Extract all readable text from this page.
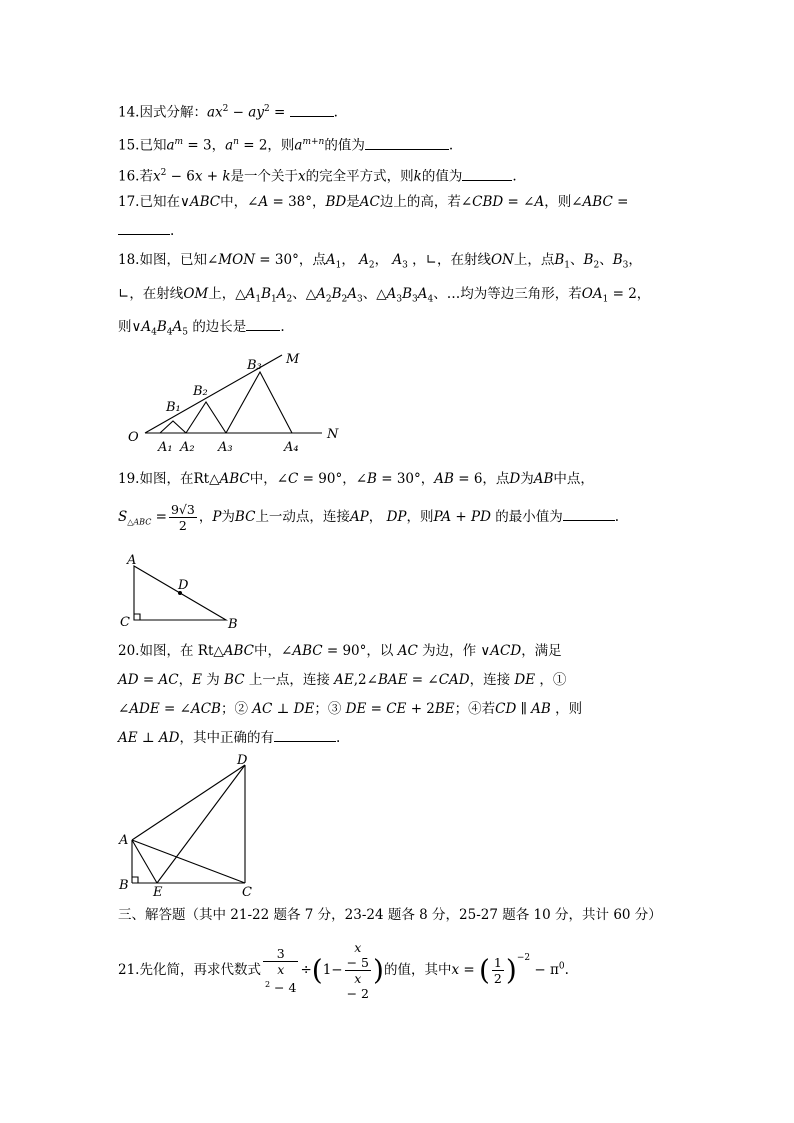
14.因式分解：$ax^2 - ay^2$ =	.
15.已知$a^m = 3$，$a^n = 2$，则$a^{m+n}$的值为	.
16.若$x^2 - 6x + k$是一个关于x的完全平方式，则k的值为	.
17.已知在∨ABC中，∠A = 38°，BD是AC边上的高，若∠CBD = ∠A，则∠ABC =
.
18.如图，已知∠MON = 30°，点$A_1$， $A_2$， $A_3$ ，∟，在射线ON上，点$B_1$、$B_2$、$B_3$，
∟，在射线OM上，$\triangle A_1B_1A_2$、$\triangle A_2B_2A_3$、$\triangle A_3B_3A_4$、…均为等边三角形，若$OA_1 = 2$，
则$\vee A_4B_4A_5$ 的边长是	.
O	N
M
A₁ A₂ A₃	A₄
B₁
B₂
B₃
19.如图，在Rt△ABC中，∠C = 90°，∠B = 30°，AB = 6，点D为AB中点，
$S_{\triangle ABC} = \frac{9√3}{2}$ ，P为BC上一动点，连接AP， DP，则PA + PD 的最小值为	.
A
C	B
D
20.如图，在 Rt△ABC中，∠ABC = 90°，以 AC 为边，作 ∨ACD，满足
AD = AC，E 为 BC 上一点，连接 AE,2∠BAE = ∠CAD，连接 DE ，①
∠ADE = ∠ACB；② AC ⊥ DE；③ DE = CE + 2BE；④若CD ∥ AB ，则
AE ⊥ AD，其中正确的有	.
D
A
B E	C
三、解答题（其中 21-22 题各 7 分，23-24 题各 8 分，25-27 题各 10 分，共计 60 分）
21.先化简，再求代数式 3
x
$^2$ − 4 ÷(1− x
− 5
x
− 2 )的值，其中x = ( $\frac{1}{2} )^{-2} - \pi^0$.
